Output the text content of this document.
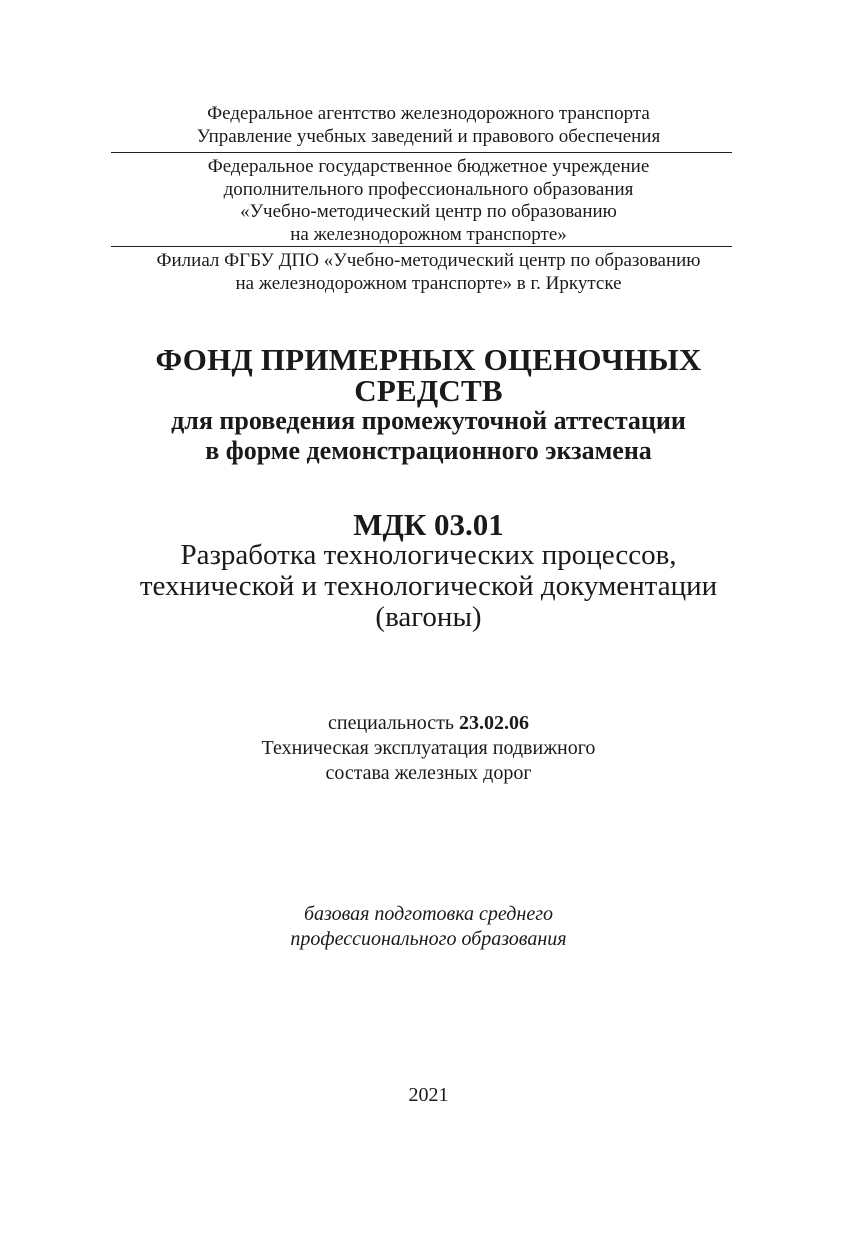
Федеральное агентство железнодорожного транспорта
Управление учебных заведений и правового обеспечения
Федеральное государственное бюджетное учреждение
дополнительного профессионального образования
«Учебно-методический центр по образованию
на железнодорожном транспорте»
Филиал ФГБУ ДПО «Учебно-методический центр по образованию
на железнодорожном транспорте» в г. Иркутске
ФОНД ПРИМЕРНЫХ ОЦЕНОЧНЫХ
СРЕДСТВ
для проведения промежуточной аттестации
в форме демонстрационного экзамена
МДК 03.01
Разработка технологических процессов,
технической и технологической документации
(вагоны)
специальность 23.02.06
Техническая эксплуатация подвижного
состава железных дорог
базовая подготовка среднего
профессионального образования
2021
